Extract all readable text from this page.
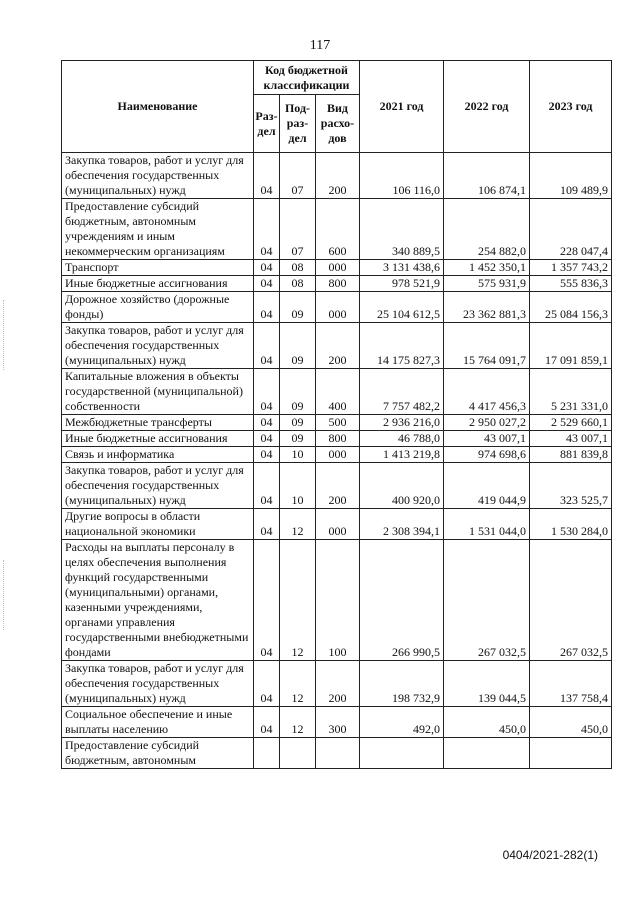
117
Наименование	Код бюджетной классификации			2021 год	2022 год	2023 год
	Раз-дел	Под-раз-дел	Вид расхо-дов			
Закупка товаров, работ и услуг для обеспечения государственных (муниципальных) нужд	04	07	200	106 116,0	106 874,1	109 489,9
Предоставление субсидий бюджетным, автономным учреждениям и иным некоммерческим организациям	04	07	600	340 889,5	254 882,0	228 047,4
Транспорт	04	08	000	3 131 438,6	1 452 350,1	1 357 743,2
Иные бюджетные ассигнования	04	08	800	978 521,9	575 931,9	555 836,3
Дорожное хозяйство (дорожные фонды)	04	09	000	25 104 612,5	23 362 881,3	25 084 156,3
Закупка товаров, работ и услуг для обеспечения государственных (муниципальных) нужд	04	09	200	14 175 827,3	15 764 091,7	17 091 859,1
Капитальные вложения в объекты государственной (муниципальной) собственности	04	09	400	7 757 482,2	4 417 456,3	5 231 331,0
Межбюджетные трансферты	04	09	500	2 936 216,0	2 950 027,2	2 529 660,1
Иные бюджетные ассигнования	04	09	800	46 788,0	43 007,1	43 007,1
Связь и информатика	04	10	000	1 413 219,8	974 698,6	881 839,8
Закупка товаров, работ и услуг для обеспечения государственных (муниципальных) нужд	04	10	200	400 920,0	419 044,9	323 525,7
Другие вопросы в области национальной экономики	04	12	000	2 308 394,1	1 531 044,0	1 530 284,0
Расходы на выплаты персоналу в целях обеспечения выполнения функций государственными (муниципальными) органами, казенными учреждениями, органами управления государственными внебюджетными фондами	04	12	100	266 990,5	267 032,5	267 032,5
Закупка товаров, работ и услуг для обеспечения государственных (муниципальных) нужд	04	12	200	198 732,9	139 044,5	137 758,4
Социальное обеспечение и иные выплаты населению	04	12	300	492,0	450,0	450,0
Предоставление субсидий бюджетным, автономным						
0404/2021-282(1)
